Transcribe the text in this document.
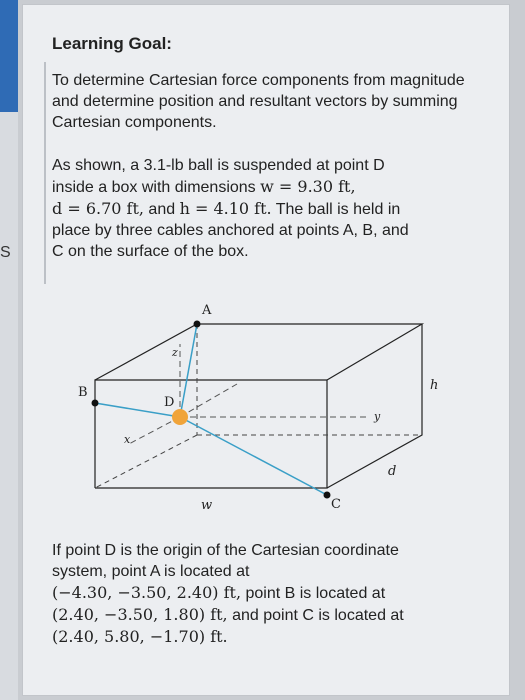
S
Learning Goal:

To determine Cartesian force components from magnitude and determine position and resultant vectors by summing Cartesian components.

As shown, a 3.1-lb ball is suspended at point D
inside a box with dimensions w = 9.30 ft,
d = 6.70 ft, and h = 4.10 ft. The ball is held in
place by three cables anchored at points A, B, and
C on the surface of the box.

A
B
C
D
h
d
w
x
y
z

If point D is the origin of the Cartesian coordinate
system, point A is located at
(−4.30, −3.50, 2.40) ft, point B is located at
(2.40, −3.50, 1.80) ft, and point C is located at
(2.40, 5.80, −1.70) ft.
